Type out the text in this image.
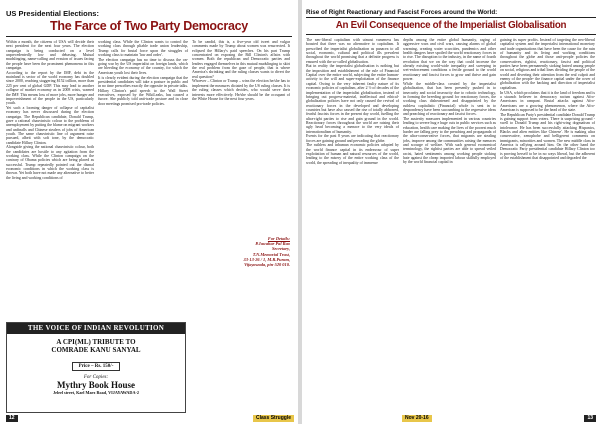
US Presidential Elections:
The Farce of Two Party Democracy

Within a month, the citizens of USA will decide their next president for the next four years. The election campaign is being conducted on a level unprecedentedly low and debasing. Mutual mudslinging, name-calling and evasion of issues facing the people have been the prominent phenomena in this campaign.

According to the report by the IMF, debt in the mainland is sector of the world economy has doubled since 2000, reaching staggering $152 trillion, more than 225 per cent of global GDP. This may lead to another collapse of market economy as in 2008 crisis, warned the IMF. This means loss of more jobs, more hunger and impoverishment of the people in the US, particularly youth.

Yet such a looming danger of collapse of capitalist economy has never discussed during the election campaign. The Republican candidate, Donald Trump, gave a rational chauvinistic colour to the problems of unemployment by putting the blame on migrant workers and unfinalls and Chinese stealers of jobs of American youth. The same chauvinistic line of argument raise pursued, albeit with soft tone, by the democratic candidate Hillary Clinton.

Alongside giving the national chauvinistic colour, both the candidates are hostile to any agitation from the working class. While the Clinton campaign on the contrary of Obama policies which are being placed as successful. Trump repeatedly pointed out the dismal economic conditions in which the working class is thrown. Yet both have not made any alternative to better the living and working conditions of

working class. While the Clinton wants to control the working class through pliable trade union leadership, Trump calls for brutal force upon the struggles of working class to maintain 'law and order'.

The election campaign has no time to discuss the on-going war by the US imperialist on foreign lands, which are bleeding the economy of the country, for which the American youth lost their lives.

It is clearly evident during the election campaign that the presidential candidates will take a posture in public and in no time prescribes exactly the opposite in private talks. Hillary Clinton's paid speech to the Wall Street executives, exposed by the WikiLeaks, has caused a furore. She publicly told anti-trade posture and in close door meetings promised pro-trade policies.

To be candid, this is, a five-year old tweet and vulgar comments made by Trump about women was resurrected. It eclipsed the Hillary's paid speeches. On his part Trump concentrated on exposing the Bill Clinton's affairs with women. Both the republican and Democratic parties and leaders engaged themselves in this mutual mudslinging to skirt the real problem from the gaze of people, that is where America's shrinking and the ruling classes wants to divert the real question?

Whoever – Clinton or Trump – wins the election he/she has to implement the measures dictated by the US ruling classes. It is the ruling classes which decides, who would serve their interests more effectively. He/she should be the occupant of the White House for the next four years.

For Details:
P.Jawahar Pal Rao
Secretary,
T.N.Memorial Trust,
33-13-26 / 1, M.R.Puram,
Vijayawada, pin-520 010.
THE VOICE OF INDIAN REVOLUTION
A CPI(ML) TRIBUTE TO
COMRADE KANU SANYAL
Price – Rs. 150/-
For Copies:
Mythry Book House
Jeleel street, Karl Marx Road, VIJAYAWADA-2
12	Class Struggle
Rise of Right Reactionary and Fascist Forces around the World:
An Evil Consequence of the Imperialist Globalisation

The neo-liberal capitalism with utmost vameness has boasted that there was no alternative to capitalism. It prescribed the imperialist globalisation as panacea to all social, economic, cultural and political ills prevalent throughout the world promising that a definite progress is ensured with the so-called globalisation.

But in reality the imperialist globalisation is nothing but the imposition and establishment of the rule of Financial Capital over the entire world, subjecting the entire human-activity to the will and super-exploitation of the finance capital. Owing to the very inherent faulty nature of its economic policies of capitalism, after 2 ½ of decades of the implementation of the imperialist globalisation, instead of bringing out progress-material, intellectual and ethical-globalisation policies have not only caused the revival of reactionary forces in the developed and developing countries but have also caused the rise of totally abhorred, fearful fascists forces in the present day world, fuelling the ultra-right parties to rise and gain ground in the world. Reactionary forces throughout the world are raising their ugly head becoming a menace to the very ideals of internationalism of humanity.

Events for the past 8 years are indicating that reactionary forces are gaining ground and pervading the globe.

The ruthless and inhuman economic policies adopted by the world finance capital in its endeavour of super exploitation of human and natural resources of the world, leading to the misery of the entire working class of the world, the spreading of inequality of immense

depths among the entire global humanity, raging of aggressive wars and civil wars, causing alarms of global warming, creating water scarcities, pandemics and other health dangers have spoiled the world reactionary forces in to rise. The disruption to the industry, in the name of fourth revolution that we on the way that could increase the already existing world-wide inequality and sweeping in wet-enforcement conditions a fertile ground to the world reactionary and fascist forces to grow and thrive and gain power.

While the middle-class created by the imperialist globalisation, that has been presently pushed in to insecurity and social insecurity due to robotic technology, in forming the breeding ground for reactionary forces, the working class disheartened and disappointed by the ruthless capitalistic (Financial) whole is sent in to despondency have been succumbing to the regressive ideas and preaching of reactionary and fascist forces.

The austerity measures implemented in various countries leading to severe hug e huge cuts in public services such as education, health care making the lives of the poorest much harder are falling prey to the preaching and propaganda of the ultra-conservative forces, that migrants are stealing jobs, improve among the communities raising the menaces and scourge of welfare. With such general economical terminology, the rightist parties are able to spread veiled racist, hated sentiments among working people stoking hate against the cheap imported labour skilfully employed by the world financial capital in

gaining its super profits. Instead of targeting the neo-liberal capitalist system and the imperialist international monetary and trade organisations that have been the cause for the ruin of humanity and its living and working conditions throughout the globe and those anti-people policies the conservatives, rightist, reactionary, fascist and political parties have been permanently stoking hatred among people on social, religious and tribal lines dividing the people of the world and diverting their attention from the real culprit and enemy of the people- the finance capital under the cover of globalisation with the backing and direction of imperialist capitalism.

In USA, which proclaims that it is the land of freedom and is a staunch believer in democracy racism against Afro-Americans in rampant. Brutal attacks against Afro-Americans are a growing phenomenon, where the Afro-American is supposed to be the head of the state.

The Republican Party's presidential candidate Donald Trump is gaining support from voters. There is surprising ground -swell to Donald Trump and his right-wing dogmatism of intolerance. He has been successfully attacking Hispanics, Blacks and alien entities like Chinese'. He is making ultra conservative, xenophobe and belligerent comments on immigrants, minorities and women. The new middle class in America is rallying around him. On the other hand the Democratic Party presidential candidate Hillary Clinton too is proving herself to be in no ways liberal, but the adherent of the establishment that disappointed and degraded the

Nov 20-16	13
